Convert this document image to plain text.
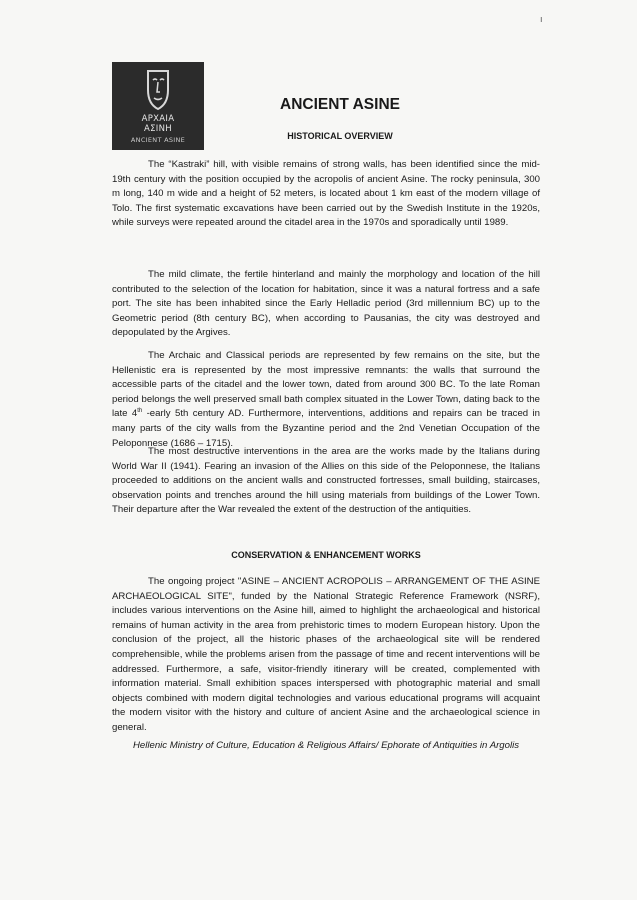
ı
ΑΡΧΑΙΑ
ΑΣΙΝΗ
ANCIENT ASINE
ANCIENT ASINE
HISTORICAL OVERVIEW

The “Kastraki” hill, with visible remains of strong walls, has been identified since the mid-19th century with the position occupied by the acropolis of ancient Asine. The rocky peninsula, 300 m long, 140 m wide and a height of 52 meters, is located about 1 km east of the modern village of Tolo. The first systematic excavations have been carried out by the Swedish Institute in the 1920s, while surveys were repeated around the citadel area in the 1970s and sporadically until 1989.

The mild climate, the fertile hinterland and mainly the morphology and location of the hill contributed to the selection of the location for habitation, since it was a natural fortress and a safe port. The site has been inhabited since the Early Helladic period (3rd millennium BC) up to the Geometric period (8th century BC), when according to Pausanias, the city was destroyed and depopulated by the Argives.

The Archaic and Classical periods are represented by few remains on the site, but the Hellenistic era is represented by the most impressive remnants: the walls that surround the accessible parts of the citadel and the lower town, dated from around 300 BC. To the late Roman period belongs the well preserved small bath complex situated in the Lower Town, dating back to the late 4th -early 5th century AD. Furthermore, interventions, additions and repairs can be traced in many parts of the city walls from the Byzantine period and the 2nd Venetian Occupation of the Peloponnese (1686 – 1715).

The most destructive interventions in the area are the works made by the Italians during World War II (1941). Fearing an invasion of the Allies on this side of the Peloponnese, the Italians proceeded to additions on the ancient walls and constructed fortresses, small building, staircases, observation points and trenches around the hill using materials from buildings of the Lower Town. Their departure after the War revealed the extent of the destruction of the antiquities.

CONSERVATION & ENHANCEMENT WORKS

The ongoing project "ASINE – ANCIENT ACROPOLIS – ARRANGEMENT OF THE ASINE ARCHAEOLOGICAL SITE", funded by the National Strategic Reference Framework (NSRF), includes various interventions on the Asine hill, aimed to highlight the archaeological and historical remains of human activity in the area from prehistoric times to modern European history. Upon the conclusion of the project, all the historic phases of the archaeological site will be rendered comprehensible, while the problems arisen from the passage of time and recent interventions will be addressed. Furthermore, a safe, visitor-friendly itinerary will be created, complemented with information material. Small exhibition spaces interspersed with photographic material and small objects combined with modern digital technologies and various educational programs will acquaint the modern visitor with the history and culture of ancient Asine and the archaeological science in general.

Hellenic Ministry of Culture, Education & Religious Affairs/ Ephorate of Antiquities in Argolis
